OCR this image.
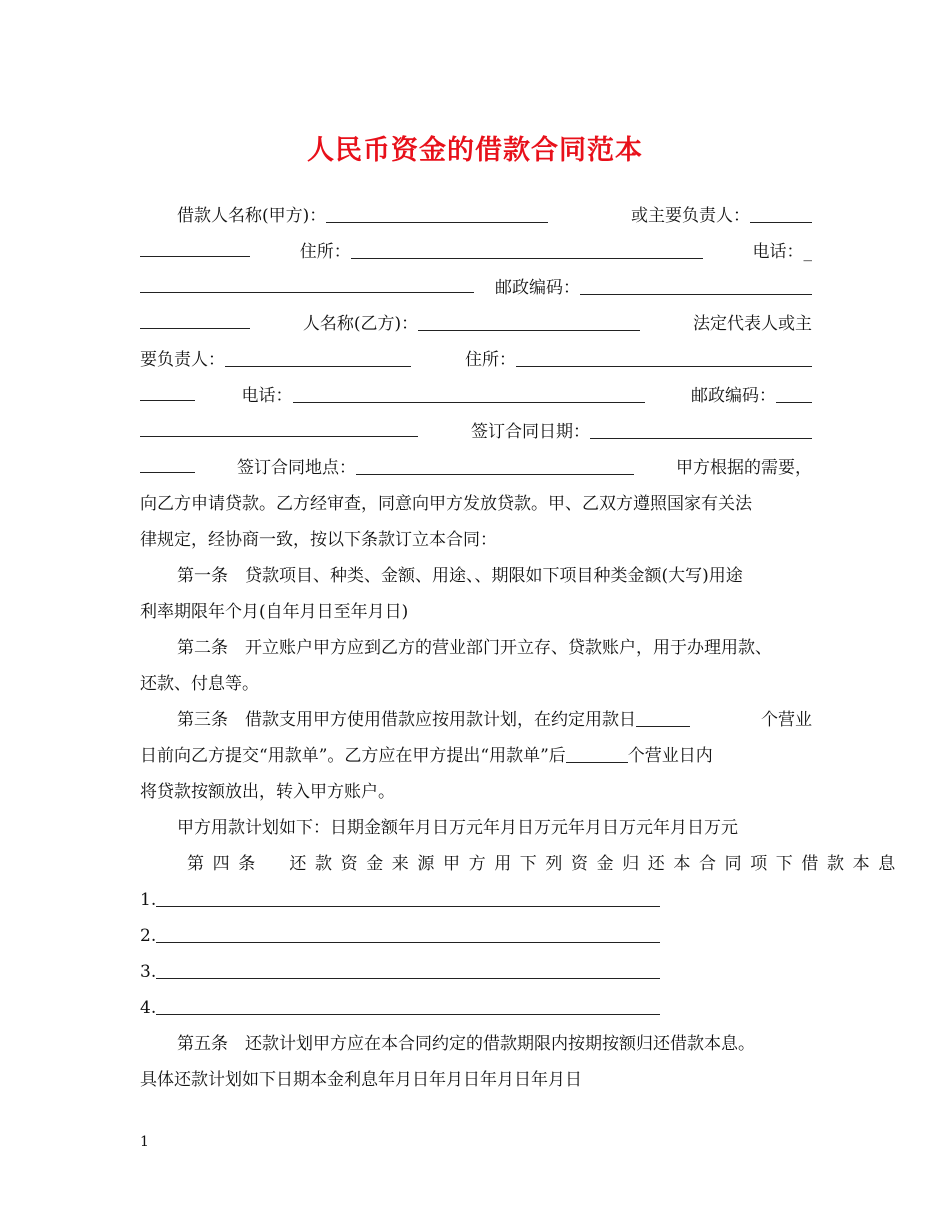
人民币资金的借款合同范本
借款人名称(甲方)：	或主要负责人：
住所：	电话：_
邮政编码：
人名称(乙方)：	法定代表人或主
要负责人：	住所：
电话：	邮政编码：
签订合同日期：
签订合同地点：	甲方根据的需要，
向乙方申请贷款。乙方经审查，同意向甲方发放贷款。甲、乙双方遵照国家有关法
律规定，经协商一致，按以下条款订立本合同：
第一条　贷款项目、种类、金额、用途、、期限如下项目种类金额(大写)用途
利率期限年个月(自年月日至年月日)
第二条　开立账户甲方应到乙方的营业部门开立存、贷款账户，用于办理用款、
还款、付息等。
第三条　借款支用甲方使用借款应按用款计划，在约定用款日	个营业
日前向乙方提交“用款单”。乙方应在甲方提出“用款单”后	个营业日内
将贷款按额放出，转入甲方账户。
甲方用款计划如下：日期金额年月日万元年月日万元年月日万元年月日万元
第四条　还款资金来源甲方用下列资金归还本合同项下借款本息
1.
2.
3.
4.
第五条　还款计划甲方应在本合同约定的借款期限内按期按额归还借款本息。
具体还款计划如下日期本金利息年月日年月日年月日年月日
1
